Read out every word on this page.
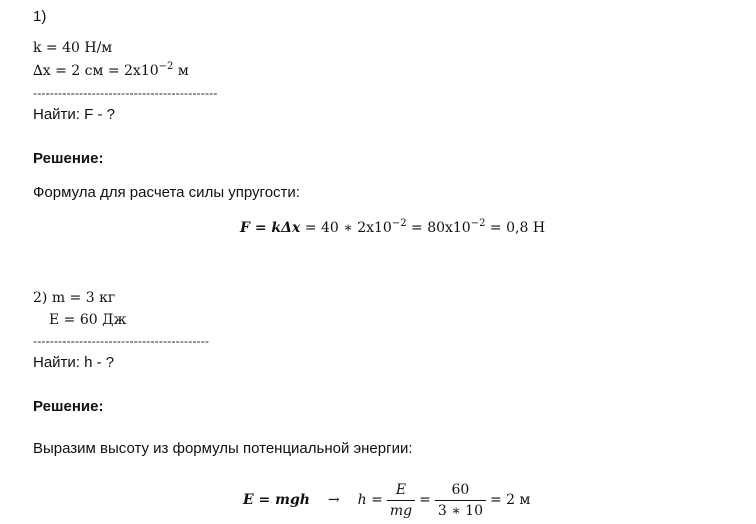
1)
k = 40 Н/м
∆x = 2 см = $2x10^{-2}$ м
--------------------------------------------
Найти: F - ?
Решение:
Формула для расчета силы упругости:
F = kΔx = 40 ∗ $2x10^{-2} = 80x10^{-2} = 0,8$ Н
2) m = 3 кг
E = 60 Дж
------------------------------------------
Найти: h - ?
Решение:
Выразим высоту из формулы потенциальной энергии:
E = mgh → $h = \frac{E}{mg} = \frac{60}{3 ∗ 10} = 2$ м
